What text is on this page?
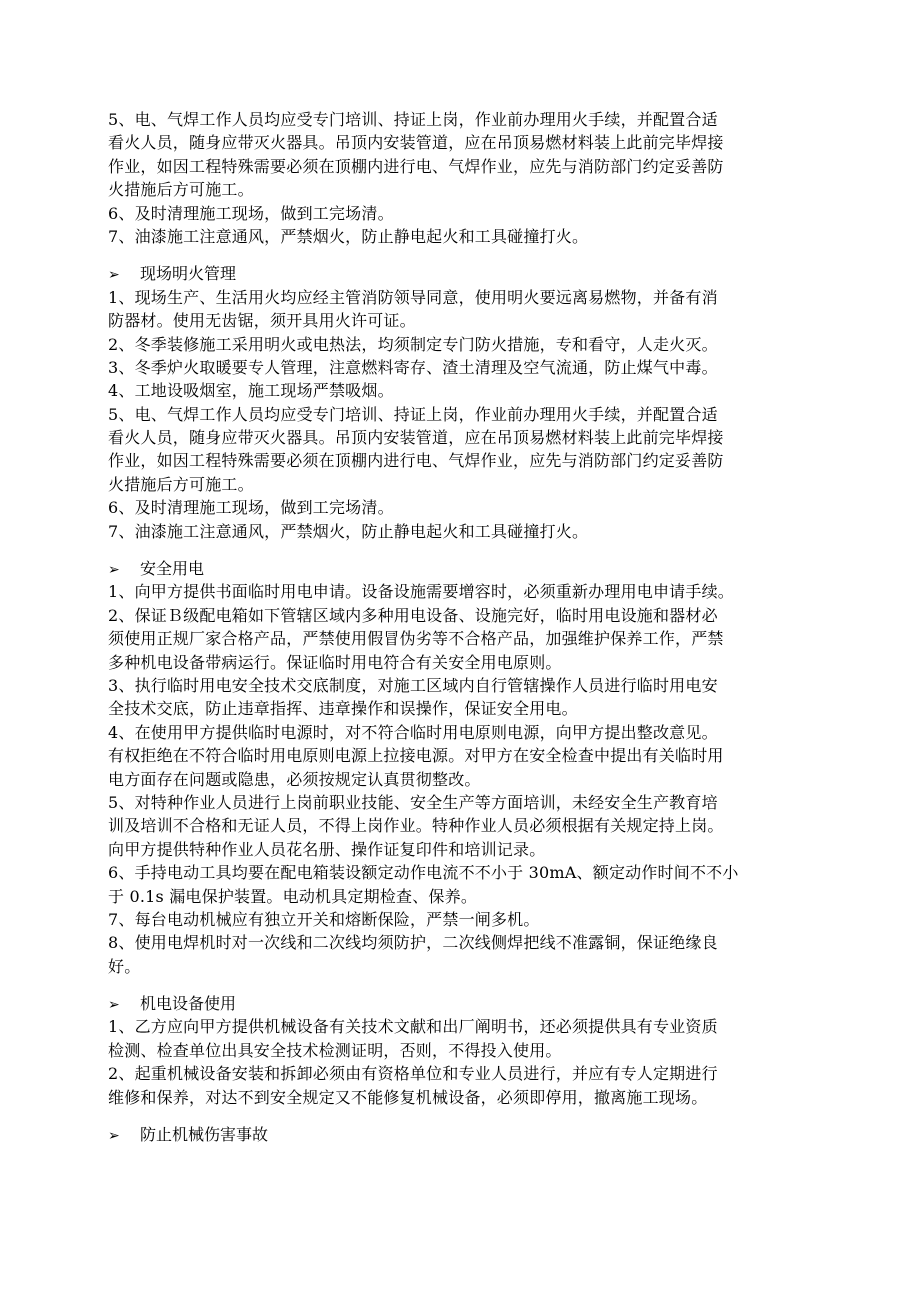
5、电、气焊工作人员均应受专门培训、持证上岗，作业前办理用火手续，并配置合适
看火人员，随身应带灭火器具。吊顶内安装管道，应在吊顶易燃材料装上此前完毕焊接
作业，如因工程特殊需要必须在顶棚内进行电、气焊作业，应先与消防部门约定妥善防
火措施后方可施工。
6、及时清理施工现场，做到工完场清。
7、油漆施工注意通风，严禁烟火，防止静电起火和工具碰撞打火。
➢ 现场明火管理
1、现场生产、生活用火均应经主管消防领导同意，使用明火要远离易燃物，并备有消
防器材。使用无齿锯，须开具用火许可证。
2、冬季装修施工采用明火或电热法，均须制定专门防火措施，专和看守，人走火灭。
3、冬季炉火取暖要专人管理，注意燃料寄存、渣土清理及空气流通，防止煤气中毒。
4、工地设吸烟室，施工现场严禁吸烟。
5、电、气焊工作人员均应受专门培训、持证上岗，作业前办理用火手续，并配置合适
看火人员，随身应带灭火器具。吊顶内安装管道，应在吊顶易燃材料装上此前完毕焊接
作业，如因工程特殊需要必须在顶棚内进行电、气焊作业，应先与消防部门约定妥善防
火措施后方可施工。
6、及时清理施工现场，做到工完场清。
7、油漆施工注意通风，严禁烟火，防止静电起火和工具碰撞打火。
➢ 安全用电
1、向甲方提供书面临时用电申请。设备设施需要增容时，必须重新办理用电申请手续。
2、保证Ｂ级配电箱如下管辖区域内多种用电设备、设施完好，临时用电设施和器材必
须使用正规厂家合格产品，严禁使用假冒伪劣等不合格产品，加强维护保养工作，严禁
多种机电设备带病运行。保证临时用电符合有关安全用电原则。
3、执行临时用电安全技术交底制度，对施工区域内自行管辖操作人员进行临时用电安
全技术交底，防止违章指挥、违章操作和误操作，保证安全用电。
4、在使用甲方提供临时电源时，对不符合临时用电原则电源，向甲方提出整改意见。
有权拒绝在不符合临时用电原则电源上拉接电源。对甲方在安全检查中提出有关临时用
电方面存在问题或隐患，必须按规定认真贯彻整改。
5、对特种作业人员进行上岗前职业技能、安全生产等方面培训，未经安全生产教育培
训及培训不合格和无证人员，不得上岗作业。特种作业人员必须根据有关规定持上岗。
向甲方提供特种作业人员花名册、操作证复印件和培训记录。
6、手持电动工具均要在配电箱装设额定动作电流不不小于 30mA、额定动作时间不不小
于 0.1s 漏电保护装置。电动机具定期检查、保养。
7、每台电动机械应有独立开关和熔断保险，严禁一闸多机。
8、使用电焊机时对一次线和二次线均须防护，二次线侧焊把线不准露铜，保证绝缘良
好。
➢ 机电设备使用
1、乙方应向甲方提供机械设备有关技术文献和出厂阐明书，还必须提供具有专业资质
检测、检查单位出具安全技术检测证明，否则，不得投入使用。
2、起重机械设备安装和拆卸必须由有资格单位和专业人员进行，并应有专人定期进行
维修和保养，对达不到安全规定又不能修复机械设备，必须即停用，撤离施工现场。
➢ 防止机械伤害事故
